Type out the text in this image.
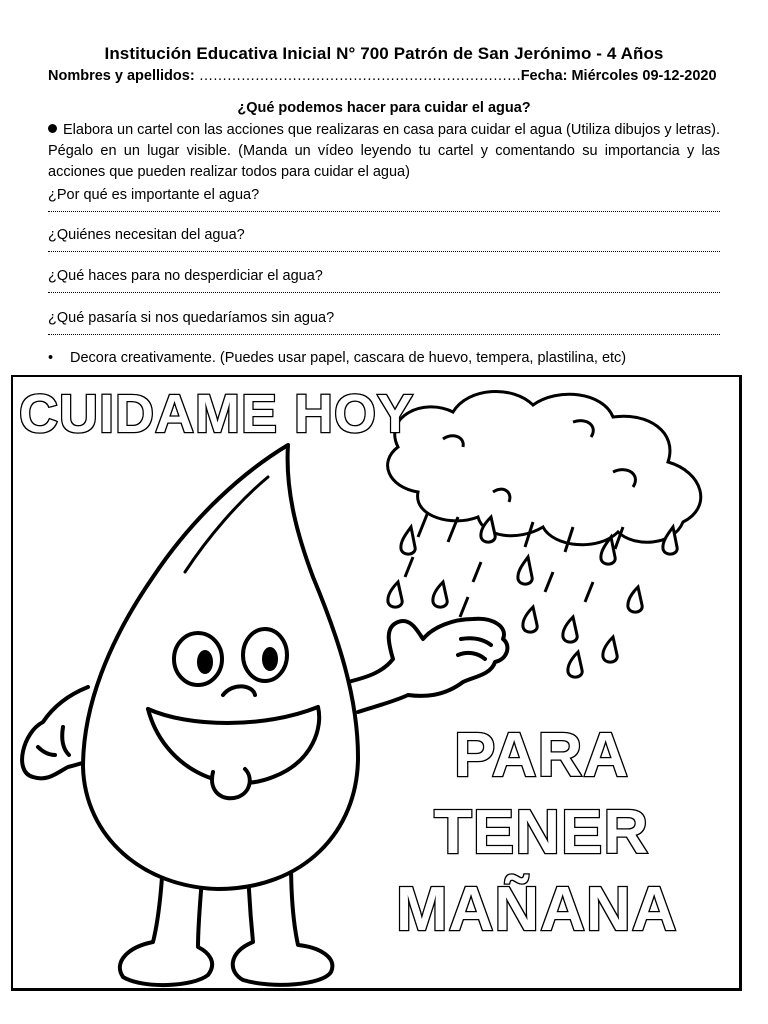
Institución Educativa Inicial N° 700 Patrón de San Jerónimo - 4 Años
Nombres y apellidos: ……………………………………………………………Fecha: Miércoles 09-12-2020
¿Qué podemos hacer para cuidar el agua?
Elabora un cartel con las acciones que realizaras en casa para cuidar el agua (Utiliza dibujos y letras). Pégalo en un lugar visible. (Manda un vídeo leyendo tu cartel y comentando su importancia y las acciones que pueden realizar todos para cuidar el agua)
¿Por qué es importante el agua?
¿Quiénes necesitan del agua?
¿Qué haces para no desperdiciar el agua?
¿Qué pasaría si nos quedaríamos sin agua?
• Decora creativamente. (Puedes usar papel, cascara de huevo, tempera, plastilina, etc)
CUIDAME HOY
PARA
TENER
MAÑANA
